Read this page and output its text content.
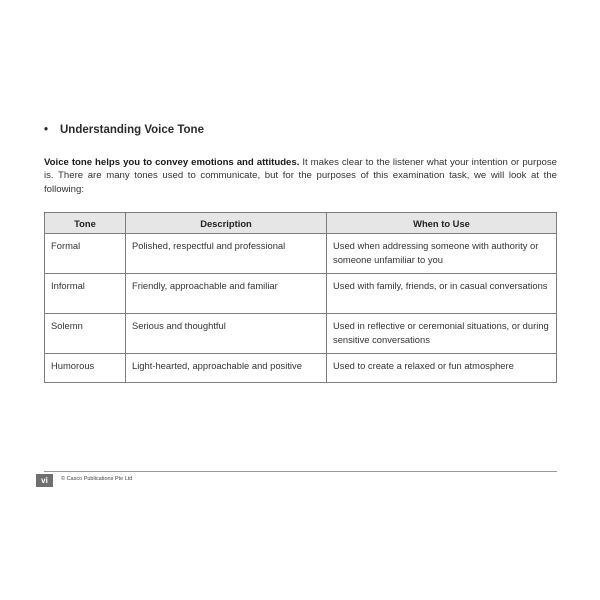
• Understanding Voice Tone

Voice tone helps you to convey emotions and attitudes. It makes clear to the listener what your intention or purpose is. There are many tones used to communicate, but for the purposes of this examination task, we will look at the following:

Tone	Description	When to Use
Formal	Polished, respectful and professional	Used when addressing someone with authority or someone unfamiliar to you
Informal	Friendly, approachable and familiar	Used with family, friends, or in casual conversations
Solemn	Serious and thoughtful	Used in reflective or ceremonial situations, or during sensitive conversations
Humorous	Light-hearted, approachable and positive	Used to create a relaxed or fun atmosphere
vi	© Casco Publications Pte Ltd
